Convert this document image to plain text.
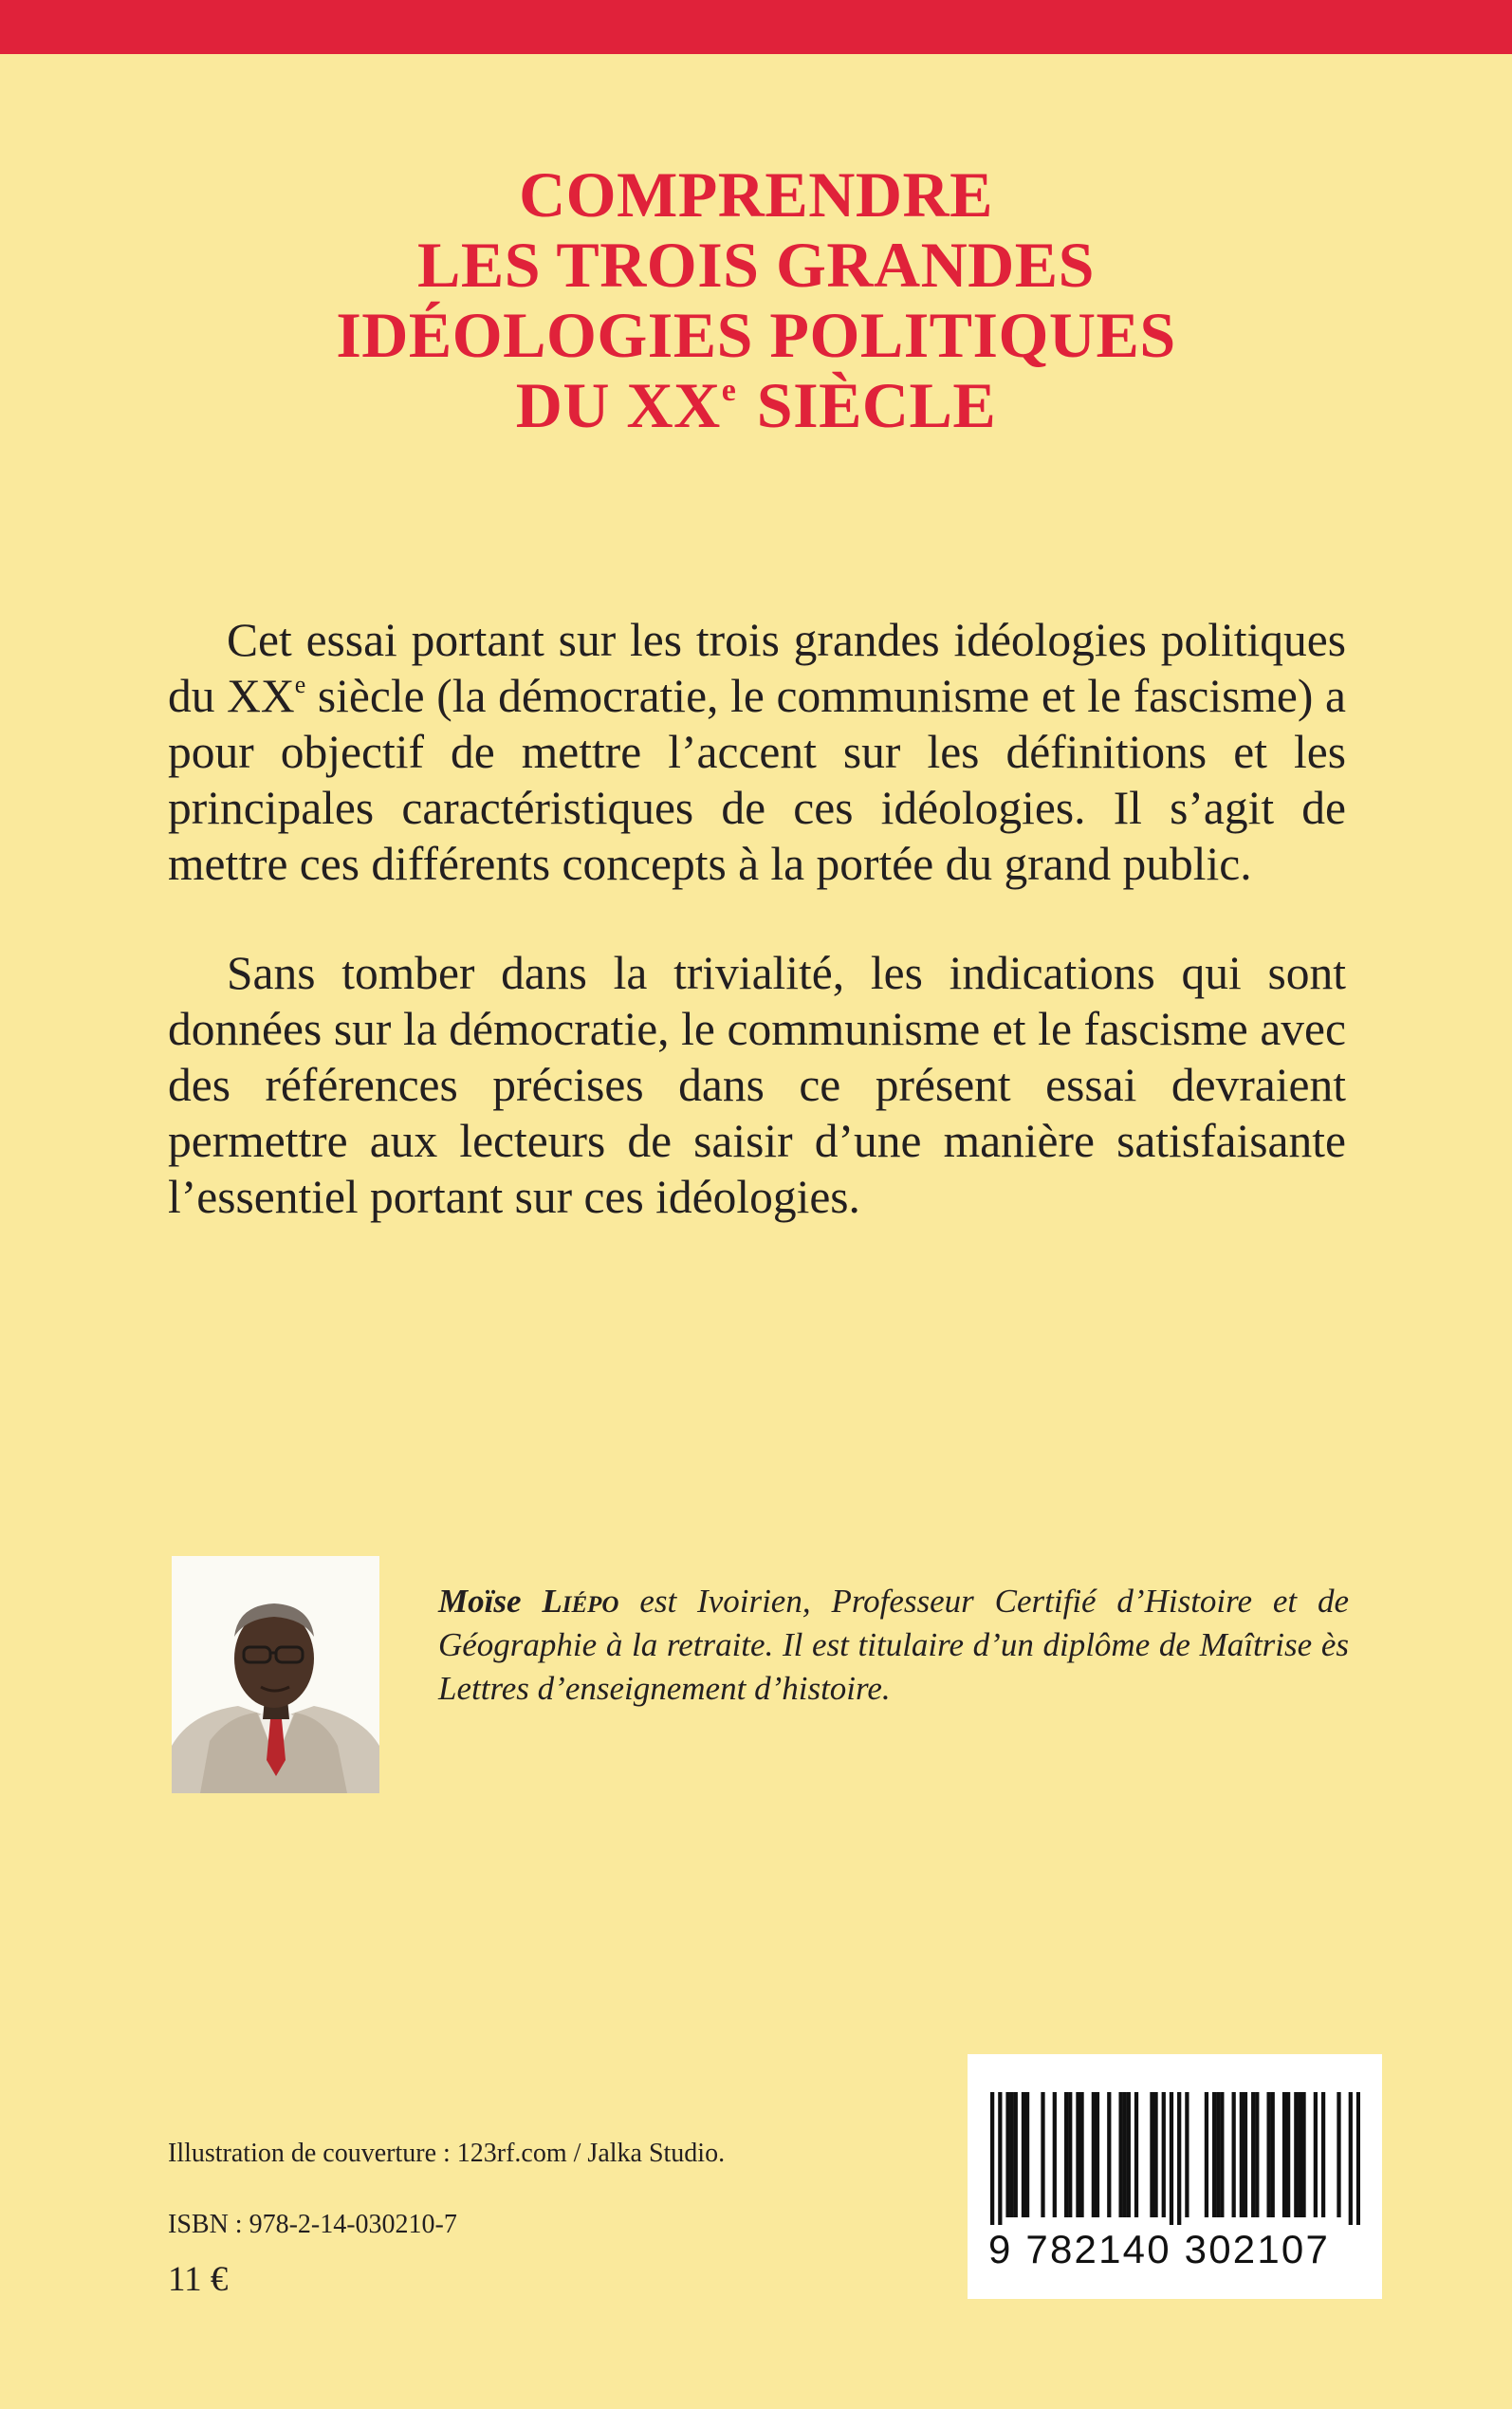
COMPRENDRE
LES TROIS GRANDES
IDÉOLOGIES POLITIQUES
DU XXe SIÈCLE

Cet essai portant sur les trois grandes idéologies politiques du XXe siècle (la démocratie, le communisme et le fascisme) a pour objectif de mettre l’accent sur les définitions et les principales caractéristiques de ces idéologies. Il s’agit de mettre ces différents concepts à la portée du grand public.

Sans tomber dans la trivialité, les indications qui sont données sur la démocratie, le communisme et le fascisme avec des références précises dans ce présent essai devraient permettre aux lecteurs de saisir d’une manière satisfaisante l’essentiel portant sur ces idéologies.

Moïse Liépo est Ivoirien, Professeur Certifié d’Histoire et de Géographie à la retraite. Il est titulaire d’un diplôme de Maîtrise ès Lettres d’enseignement d’histoire.

Illustration de couverture : 123rf.com / Jalka Studio.
ISBN : 978-2-14-030210-7
11 €
9 782140 302107
